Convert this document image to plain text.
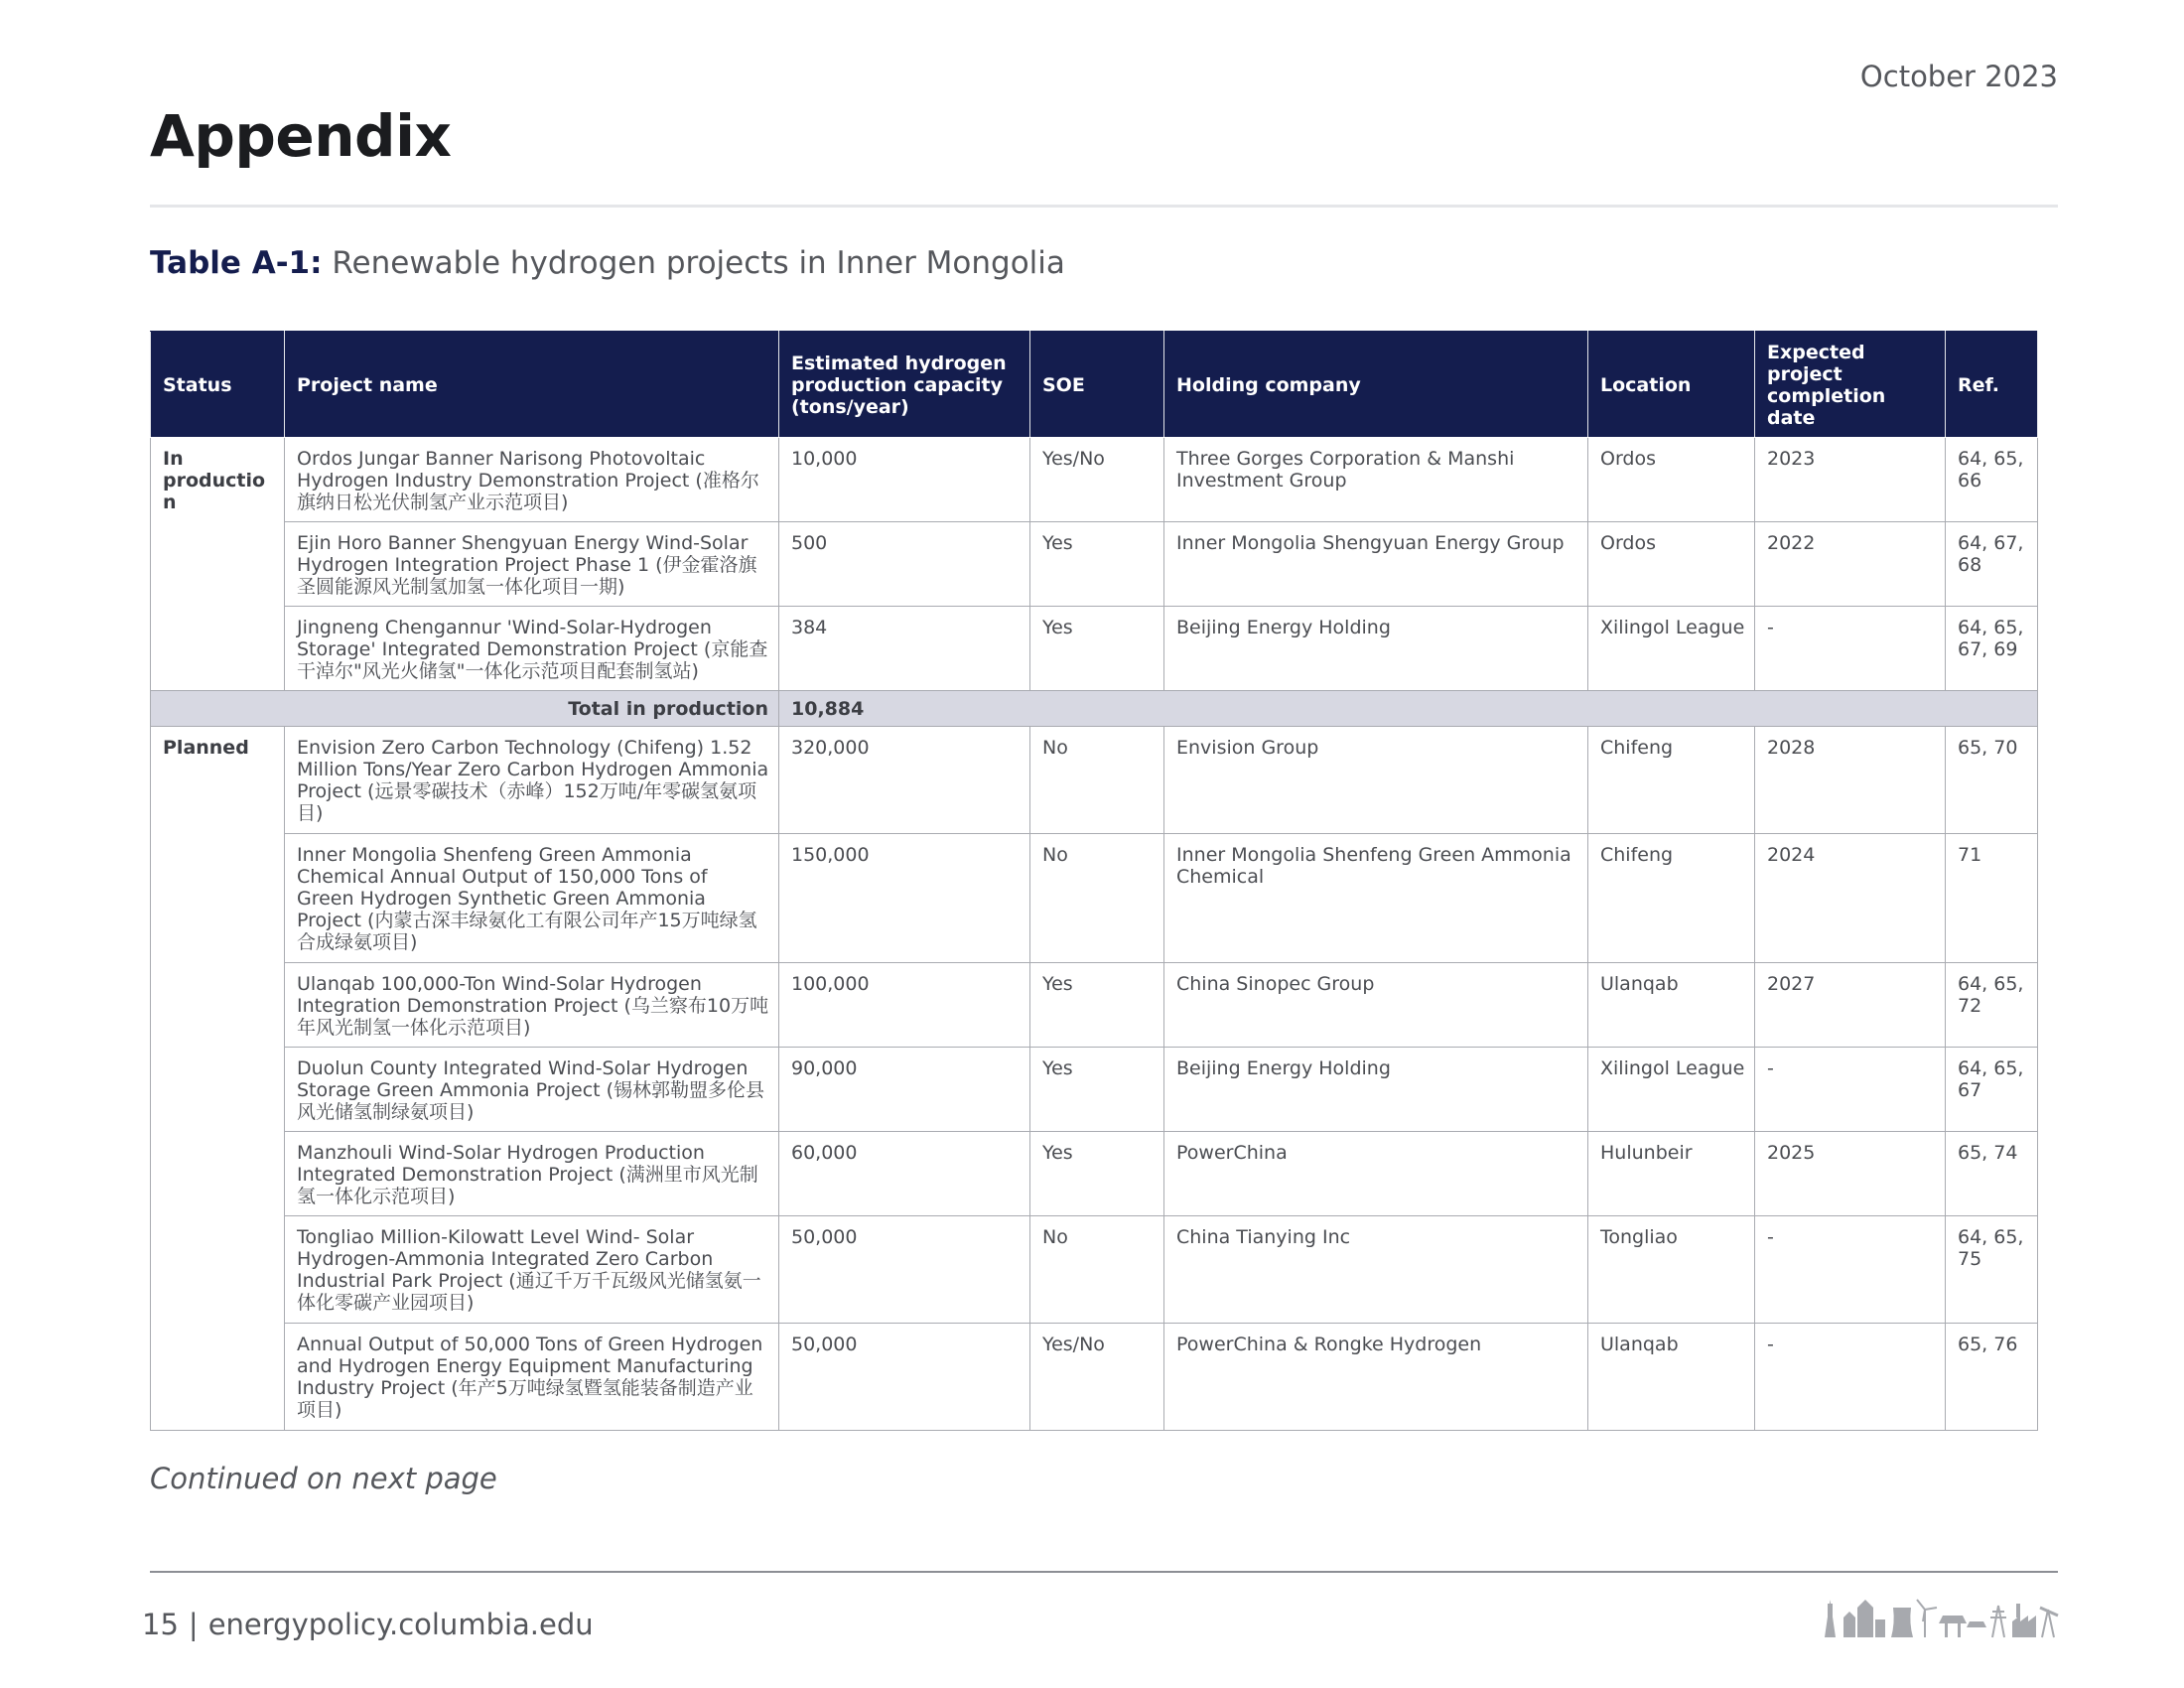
October 2023
Appendix
Table A-1: Renewable hydrogen projects in Inner Mongolia
Status	Project name	Estimated hydrogen production capacity (tons/year)	SOE	Holding company	Location	Expected project completion date	Ref.
In production	Ordos Jungar Banner Narisong Photovoltaic Hydrogen Industry Demonstration Project (准格尔旗纳日松光伏制氢产业示范项目)	10,000	Yes/No	Three Gorges Corporation & Manshi Investment Group	Ordos	2023	64, 65, 66
	Ejin Horo Banner Shengyuan Energy Wind-Solar Hydrogen Integration Project Phase 1 (伊金霍洛旗圣圆能源风光制氢加氢一体化项目一期)	500	Yes	Inner Mongolia Shengyuan Energy Group	Ordos	2022	64, 67, 68
	Jingneng Chengannur 'Wind-Solar-Hydrogen Storage' Integrated Demonstration Project (京能查干淖尔"风光火储氢"一体化示范项目配套制氢站)	384	Yes	Beijing Energy Holding	Xilingol League	-	64, 65, 67, 69
Total in production		10,884					
Planned	Envision Zero Carbon Technology (Chifeng) 1.52 Million Tons/Year Zero Carbon Hydrogen Ammonia Project (远景零碳技术（赤峰）152万吨/年零碳氢氨项目)	320,000	No	Envision Group	Chifeng	2028	65, 70
	Inner Mongolia Shenfeng Green Ammonia Chemical Annual Output of 150,000 Tons of Green Hydrogen Synthetic Green Ammonia Project (内蒙古深丰绿氨化工有限公司年产15万吨绿氢合成绿氨项目)	150,000	No	Inner Mongolia Shenfeng Green Ammonia Chemical	Chifeng	2024	71
	Ulanqab 100,000-Ton Wind-Solar Hydrogen Integration Demonstration Project (乌兰察布10万吨年风光制氢一体化示范项目)	100,000	Yes	China Sinopec Group	Ulanqab	2027	64, 65, 72
	Duolun County Integrated Wind-Solar Hydrogen Storage Green Ammonia Project (锡林郭勒盟多伦县风光储氢制绿氨项目)	90,000	Yes	Beijing Energy Holding	Xilingol League	-	64, 65, 67
	Manzhouli Wind-Solar Hydrogen Production Integrated Demonstration Project (满洲里市风光制氢一体化示范项目)	60,000	Yes	PowerChina	Hulunbeir	2025	65, 74
	Tongliao Million-Kilowatt Level Wind- Solar Hydrogen-Ammonia Integrated Zero Carbon Industrial Park Project (通辽千万千瓦级风光储氢氨一体化零碳产业园项目)	50,000	No	China Tianying Inc	Tongliao	-	64, 65, 75
	Annual Output of 50,000 Tons of Green Hydrogen and Hydrogen Energy Equipment Manufacturing Industry Project (年产5万吨绿氢暨氢能装备制造产业项目)	50,000	Yes/No	PowerChina & Rongke Hydrogen	Ulanqab	-	65, 76
Continued on next page
15 | energypolicy.columbia.edu
